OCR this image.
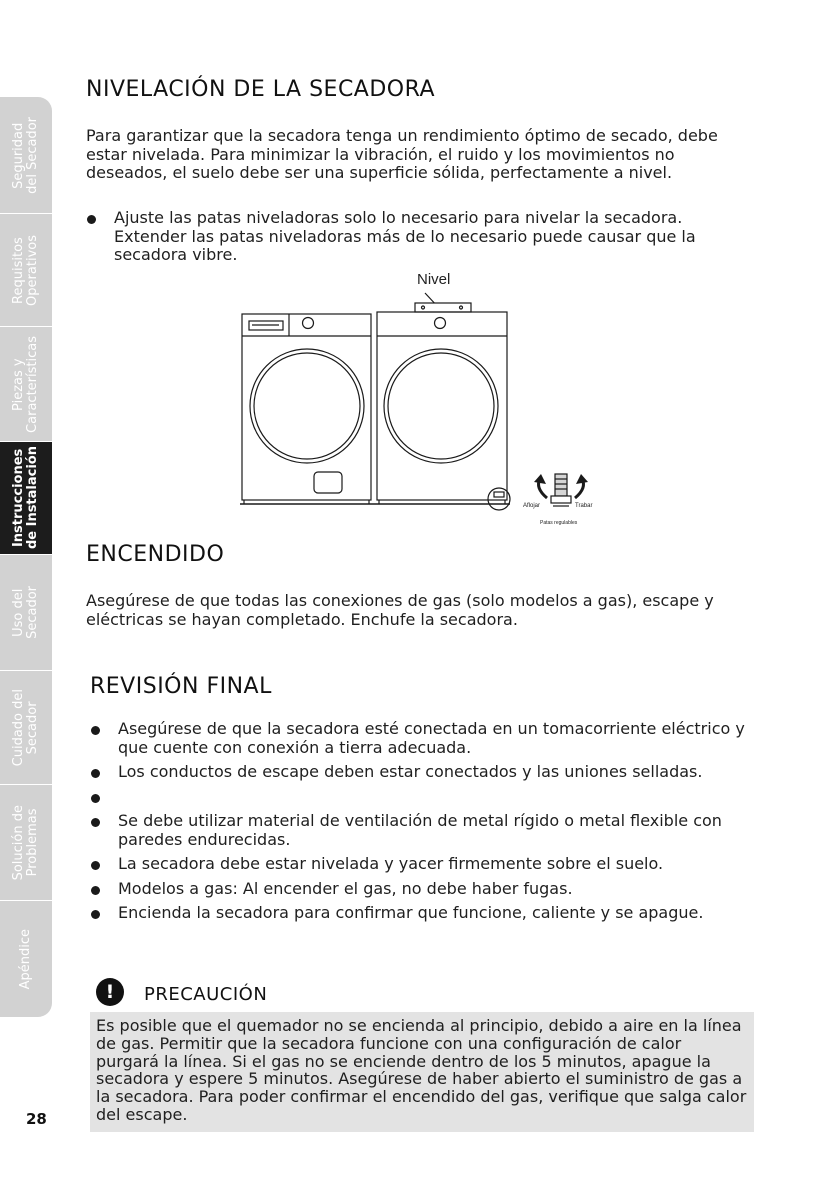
Seguridad
del Secador
Requisitos
Operativos
Piezas y
Características
Instrucciones
de Instalación
Uso del
Secador
Cuidado del
Secador
Solución de
Problemas
Apéndice
NIVELACIÓN DE LA SECADORA

Para garantizar que la secadora tenga un rendimiento óptimo de secado, debe estar nivelada. Para minimizar la vibración, el ruido y los movimientos no deseados, el suelo debe ser una superficie sólida, perfectamente a nivel.

Ajuste las patas niveladoras solo lo necesario para nivelar la secadora. Extender las patas niveladoras más de lo necesario puede causar que la secadora vibre.
Nivel
Aflojar	Trabar
Patas regulables
ENCENDIDO

Asegúrese de que todas las conexiones de gas (solo modelos a gas), escape y eléctricas se hayan completado. Enchufe la secadora.

REVISIÓN FINAL
Asegúrese de que la secadora esté conectada en un tomacorriente eléctrico y que cuente con conexión a tierra adecuada.
Los conductos de escape deben estar conectados y las uniones selladas.
Se debe utilizar material de ventilación de metal rígido o metal flexible con paredes endurecidas.
La secadora debe estar nivelada y yacer firmemente sobre el suelo.
Modelos a gas: Al encender el gas, no debe haber fugas.
Encienda la secadora para confirmar que funcione, caliente y se apague.
!	PRECAUCIÓN

Es posible que el quemador no se encienda al principio, debido a aire en la línea de gas. Permitir que la secadora funcione con una configuración de calor purgará la línea. Si el gas no se enciende dentro de los 5 minutos, apague la secadora y espere 5 minutos. Asegúrese de haber abierto el suministro de gas a la secadora. Para poder confirmar el encendido del gas, verifique que salga calor del escape.

28
